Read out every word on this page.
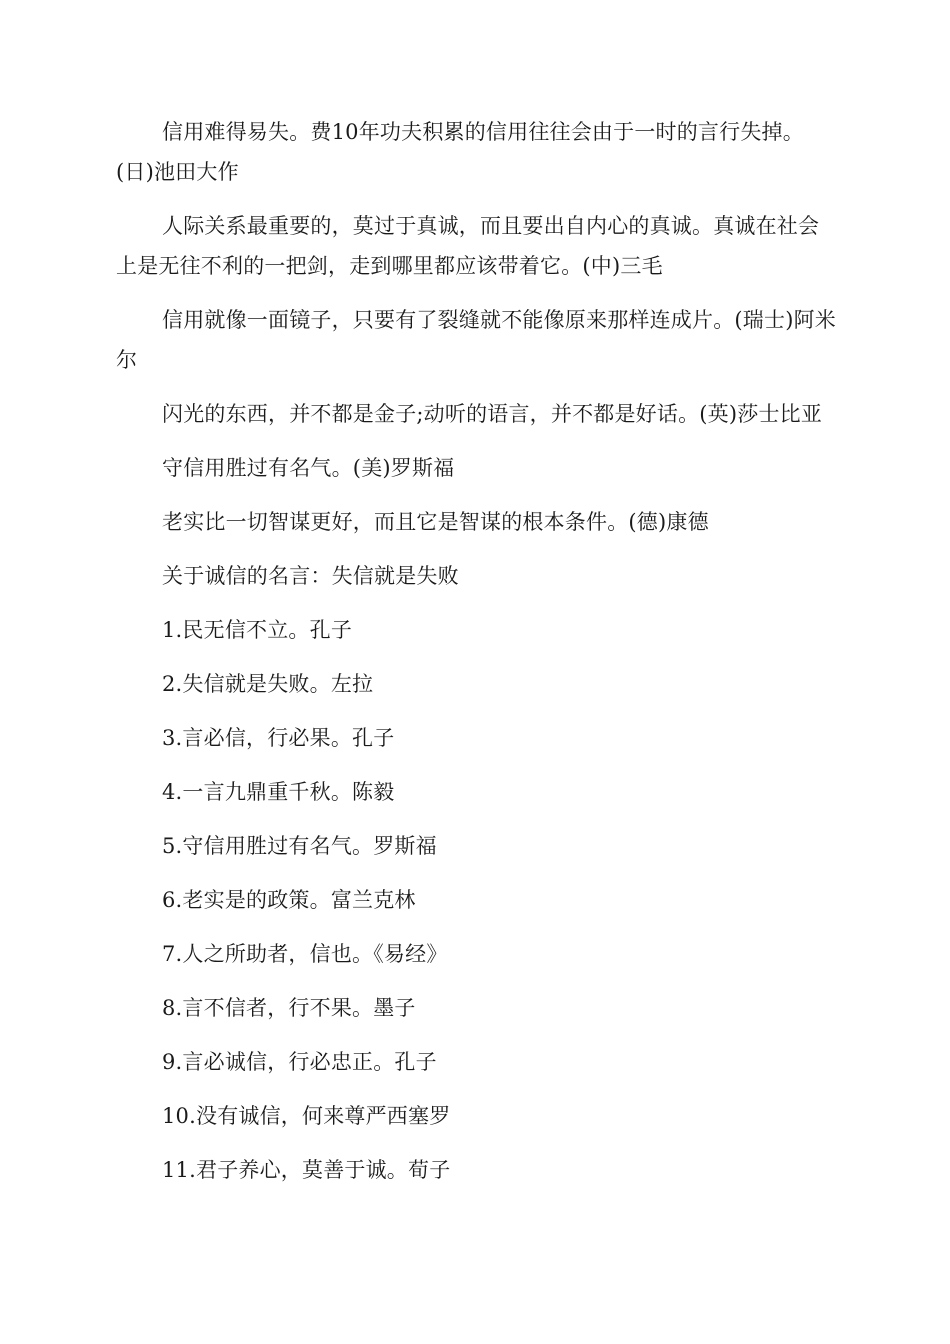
信用难得易失。费10年功夫积累的信用往往会由于一时的言行失掉。(日)池田大作

人际关系最重要的，莫过于真诚，而且要出自内心的真诚。真诚在社会上是无往不利的一把剑，走到哪里都应该带着它。(中)三毛

信用就像一面镜子，只要有了裂缝就不能像原来那样连成片。(瑞士)阿米尔

闪光的东西，并不都是金子;动听的语言，并不都是好话。(英)莎士比亚

守信用胜过有名气。(美)罗斯福

老实比一切智谋更好，而且它是智谋的根本条件。(德)康德

关于诚信的名言：失信就是失败

1.民无信不立。孔子

2.失信就是失败。左拉

3.言必信，行必果。孔子

4.一言九鼎重千秋。陈毅

5.守信用胜过有名气。罗斯福

6.老实是的政策。富兰克林

7.人之所助者，信也。《易经》

8.言不信者，行不果。墨子

9.言必诚信，行必忠正。孔子

10.没有诚信，何来尊严西塞罗

11.君子养心，莫善于诚。荀子
